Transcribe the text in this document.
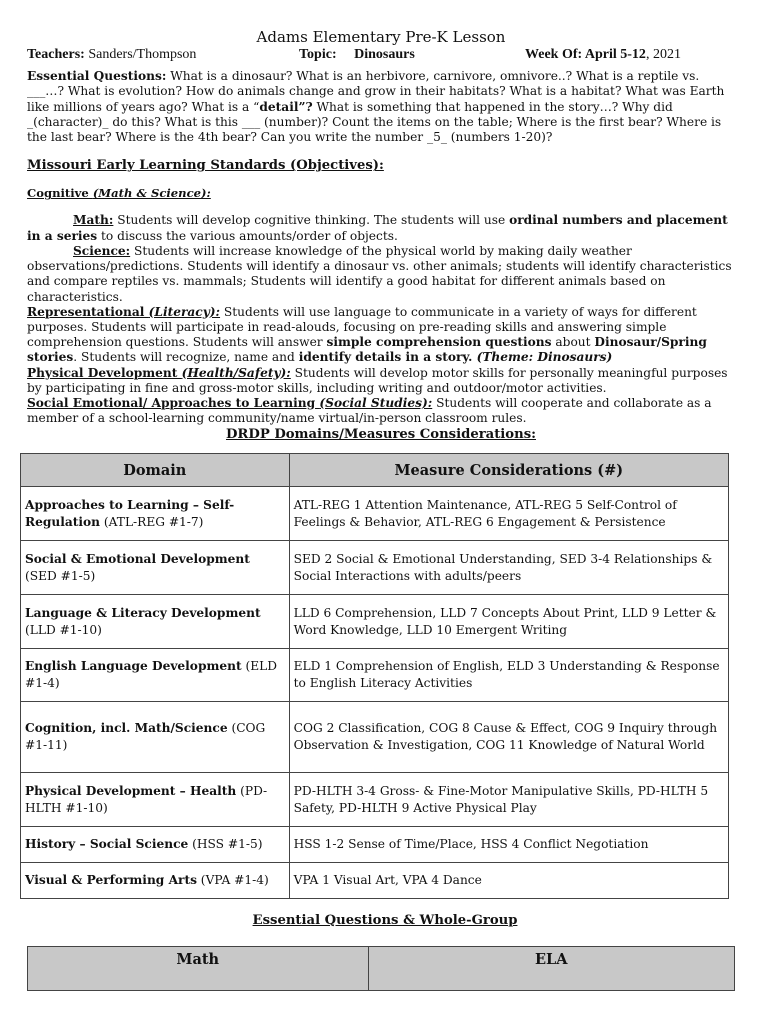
Adams Elementary Pre-K Lesson
Teachers: Sanders/Thompson	Topic: Dinosaurs	Week Of: April 5-12, 2021
Essential Questions: What is a dinosaur? What is an herbivore, carnivore, omnivore..? What is a reptile vs. ___…? What is evolution? How do animals change and grow in their habitats? What is a habitat? What was Earth like millions of years ago? What is a “detail”? What is something that happened in the story…? Why did _(character)_ do this? What is this ___ (number)? Count the items on the table; Where is the first bear? Where is the last bear? Where is the 4th bear? Can you write the number _5_ (numbers 1-20)?
Missouri Early Learning Standards (Objectives):
Cognitive (Math & Science):
Math: Students will develop cognitive thinking. The students will use ordinal numbers and placement in a series to discuss the various amounts/order of objects.
Science: Students will increase knowledge of the physical world by making daily weather observations/predictions. Students will identify a dinosaur vs. other animals; students will identify characteristics and compare reptiles vs. mammals; Students will identify a good habitat for different animals based on characteristics.
Representational (Literacy): Students will use language to communicate in a variety of ways for different purposes. Students will participate in read-alouds, focusing on pre-reading skills and answering simple comprehension questions. Students will answer simple comprehension questions about Dinosaur/Spring stories. Students will recognize, name and identify details in a story. (Theme: Dinosaurs)
Physical Development (Health/Safety): Students will develop motor skills for personally meaningful purposes by participating in fine and gross-motor skills, including writing and outdoor/motor activities.
Social Emotional/ Approaches to Learning (Social Studies): Students will cooperate and collaborate as a member of a school-learning community/name virtual/in-person classroom rules.
DRDP Domains/Measures Considerations:
Domain	Measure Considerations (#)
Approaches to Learning – Self-Regulation (ATL-REG #1-7)	ATL-REG 1 Attention Maintenance, ATL-REG 5 Self-Control of Feelings & Behavior, ATL-REG 6 Engagement & Persistence
Social & Emotional Development (SED #1-5)	SED 2 Social & Emotional Understanding, SED 3-4 Relationships & Social Interactions with adults/peers
Language & Literacy Development (LLD #1-10)	LLD 6 Comprehension, LLD 7 Concepts About Print, LLD 9 Letter & Word Knowledge, LLD 10 Emergent Writing
English Language Development (ELD #1-4)	ELD 1 Comprehension of English, ELD 3 Understanding & Response to English Literacy Activities
Cognition, incl. Math/Science (COG #1-11)	COG 2 Classification, COG 8 Cause & Effect, COG 9 Inquiry through Observation & Investigation, COG 11 Knowledge of Natural World
Physical Development – Health (PD-HLTH #1-10)	PD-HLTH 3-4 Gross- & Fine-Motor Manipulative Skills, PD-HLTH 5 Safety, PD-HLTH 9 Active Physical Play
History – Social Science (HSS #1-5)	HSS 1-2 Sense of Time/Place, HSS 4 Conflict Negotiation
Visual & Performing Arts (VPA #1-4)	VPA 1 Visual Art, VPA 4 Dance
Essential Questions & Whole-Group
Math	ELA
